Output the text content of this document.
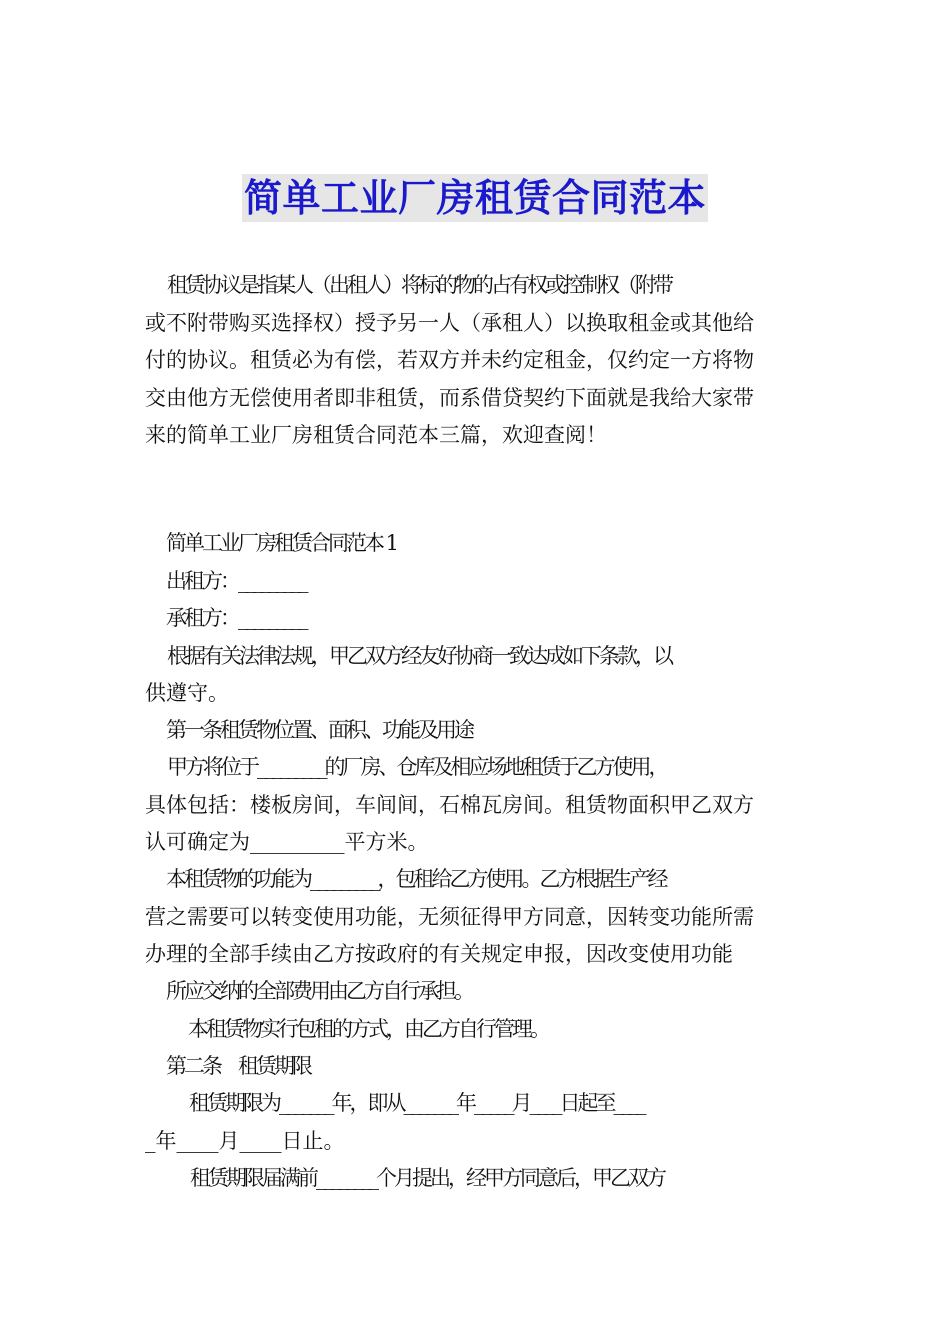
简单工业厂房租赁合同范本
租赁协议是指某人（出租人）将标的物的占有权或控制权（附带
或不附带购买选择权）授予另一人（承租人）以换取租金或其他给
付的协议。租赁必为有偿，若双方并未约定租金，仅约定一方将物
交由他方无偿使用者即非租赁，而系借贷契约下面就是我给大家带
来的简单工业厂房租赁合同范本三篇，欢迎查阅！
简单工业厂房租赁合同范本 1
出租方：_________
承租方：_________
根据有关法律法规，甲乙双方经友好协商一致达成如下条款，以
供遵守。
第一条租赁物位置、面积、功能及用途
甲方将位于_________的厂房、仓库及相应场地租赁于乙方使用，
具体包括：楼板房间，车间间，石棉瓦房间。租赁物面积甲乙双方
认可确定为_________平方米。
本租赁物的功能为_________，包租给乙方使用。乙方根据生产经
营之需要可以转变使用功能，无须征得甲方同意，因转变功能所需
办理的全部手续由乙方按政府的有关规定申报，因改变使用功能
所应交纳的全部费用由乙方自行承担。
本租赁物实行包租的方式，由乙方自行管理。
第二条　租赁期限
租赁期限为_______年，即从_______年_____月____日起至____
_年____月____日止。
租赁期限届满前________个月提出，经甲方同意后，甲乙双方
